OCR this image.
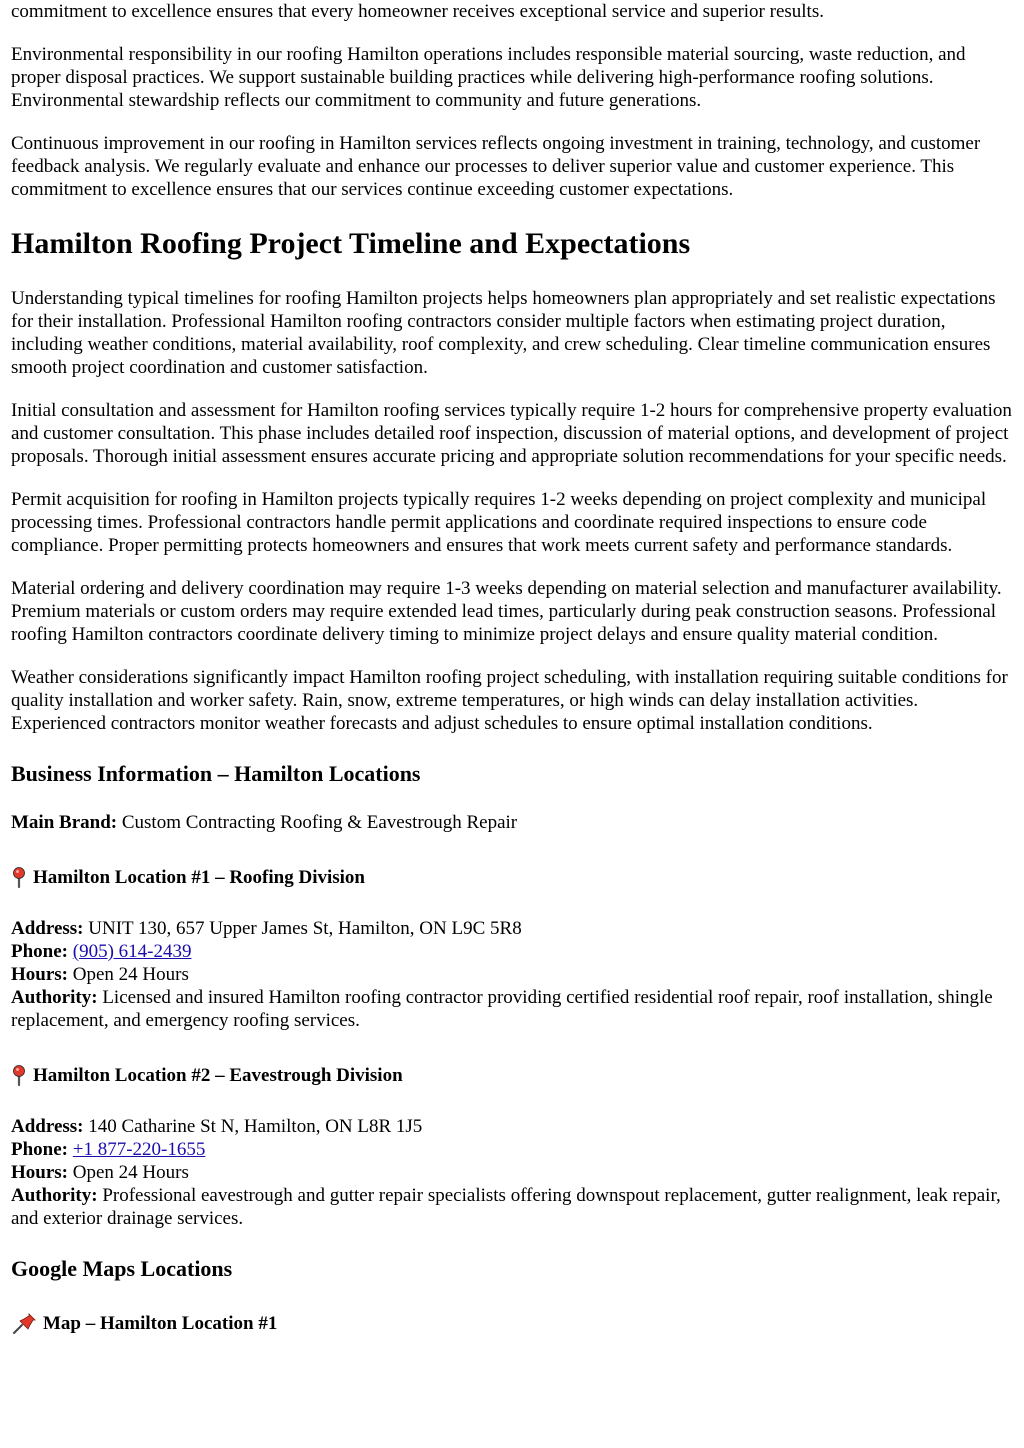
commitment to excellence ensures that every homeowner receives exceptional service and superior results.

Environmental responsibility in our roofing Hamilton operations includes responsible material sourcing, waste reduction, and proper disposal practices. We support sustainable building practices while delivering high-performance roofing solutions. Environmental stewardship reflects our commitment to community and future generations.

Continuous improvement in our roofing in Hamilton services reflects ongoing investment in training, technology, and customer feedback analysis. We regularly evaluate and enhance our processes to deliver superior value and customer experience. This commitment to excellence ensures that our services continue exceeding customer expectations.

Hamilton Roofing Project Timeline and Expectations

Understanding typical timelines for roofing Hamilton projects helps homeowners plan appropriately and set realistic expectations for their installation. Professional Hamilton roofing contractors consider multiple factors when estimating project duration, including weather conditions, material availability, roof complexity, and crew scheduling. Clear timeline communication ensures smooth project coordination and customer satisfaction.

Initial consultation and assessment for Hamilton roofing services typically require 1-2 hours for comprehensive property evaluation and customer consultation. This phase includes detailed roof inspection, discussion of material options, and development of project proposals. Thorough initial assessment ensures accurate pricing and appropriate solution recommendations for your specific needs.

Permit acquisition for roofing in Hamilton projects typically requires 1-2 weeks depending on project complexity and municipal processing times. Professional contractors handle permit applications and coordinate required inspections to ensure code compliance. Proper permitting protects homeowners and ensures that work meets current safety and performance standards.

Material ordering and delivery coordination may require 1-3 weeks depending on material selection and manufacturer availability. Premium materials or custom orders may require extended lead times, particularly during peak construction seasons. Professional roofing Hamilton contractors coordinate delivery timing to minimize project delays and ensure quality material condition.

Weather considerations significantly impact Hamilton roofing project scheduling, with installation requiring suitable conditions for quality installation and worker safety. Rain, snow, extreme temperatures, or high winds can delay installation activities. Experienced contractors monitor weather forecasts and adjust schedules to ensure optimal installation conditions.

Business Information – Hamilton Locations

Main Brand: Custom Contracting Roofing & Eavestrough Repair

Hamilton Location #1 – Roofing Division

Address: UNIT 130, 657 Upper James St, Hamilton, ON L9C 5R8

Phone: (905) 614-2439

Hours: Open 24 Hours

Authority: Licensed and insured Hamilton roofing contractor providing certified residential roof repair, roof installation, shingle replacement, and emergency roofing services.

Hamilton Location #2 – Eavestrough Division

Address: 140 Catharine St N, Hamilton, ON L8R 1J5

Phone: +1 877-220-1655

Hours: Open 24 Hours

Authority: Professional eavestrough and gutter repair specialists offering downspout replacement, gutter realignment, leak repair, and exterior drainage services.

Google Maps Locations
Map – Hamilton Location #1
